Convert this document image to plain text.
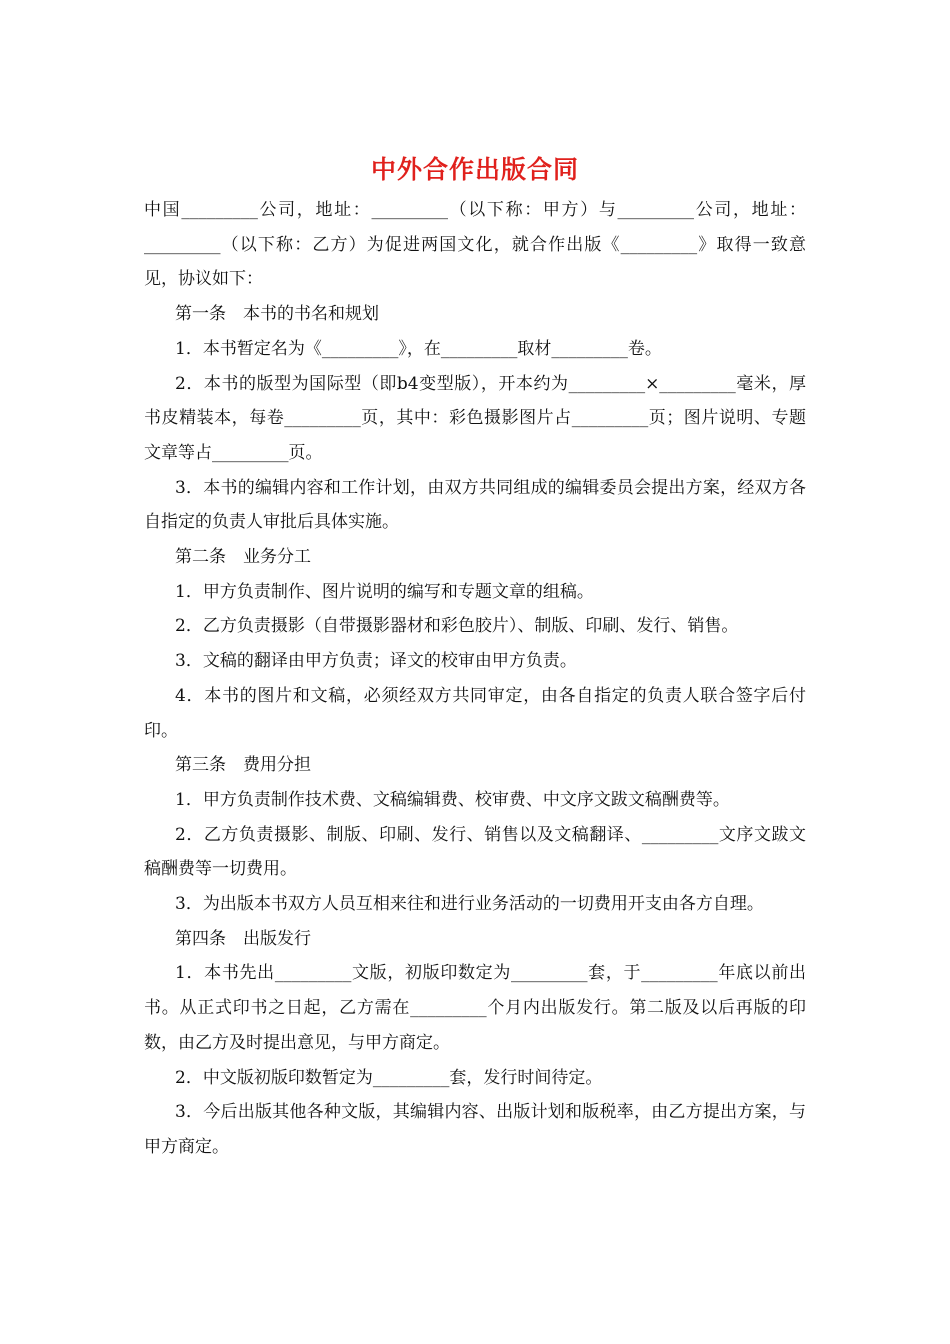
中外合作出版合同

中国_________公司，地址：_________（以下称：甲方）与_________公司，地址：_________（以下称：乙方）为促进两国文化，就合作出版《_________》取得一致意见，协议如下：

第一条　本书的书名和规划

1．本书暂定名为《_________》，在_________取材_________卷。

2．本书的版型为国际型（即b4变型版），开本约为_________×_________毫米，厚书皮精装本，每卷_________页，其中：彩色摄影图片占_________页；图片说明、专题文章等占_________页。

3．本书的编辑内容和工作计划，由双方共同组成的编辑委员会提出方案，经双方各自指定的负责人审批后具体实施。

第二条　业务分工

1．甲方负责制作、图片说明的编写和专题文章的组稿。

2．乙方负责摄影（自带摄影器材和彩色胶片）、制版、印刷、发行、销售。

3．文稿的翻译由甲方负责；译文的校审由甲方负责。

4．本书的图片和文稿，必须经双方共同审定，由各自指定的负责人联合签字后付印。

第三条　费用分担

1．甲方负责制作技术费、文稿编辑费、校审费、中文序文跋文稿酬费等。

2．乙方负责摄影、制版、印刷、发行、销售以及文稿翻译、_________文序文跋文稿酬费等一切费用。

3．为出版本书双方人员互相来往和进行业务活动的一切费用开支由各方自理。

第四条　出版发行

1．本书先出_________文版，初版印数定为_________套，于_________年底以前出书。从正式印书之日起，乙方需在_________个月内出版发行。第二版及以后再版的印数，由乙方及时提出意见，与甲方商定。

2．中文版初版印数暂定为_________套，发行时间待定。

3．今后出版其他各种文版，其编辑内容、出版计划和版税率，由乙方提出方案，与甲方商定。
